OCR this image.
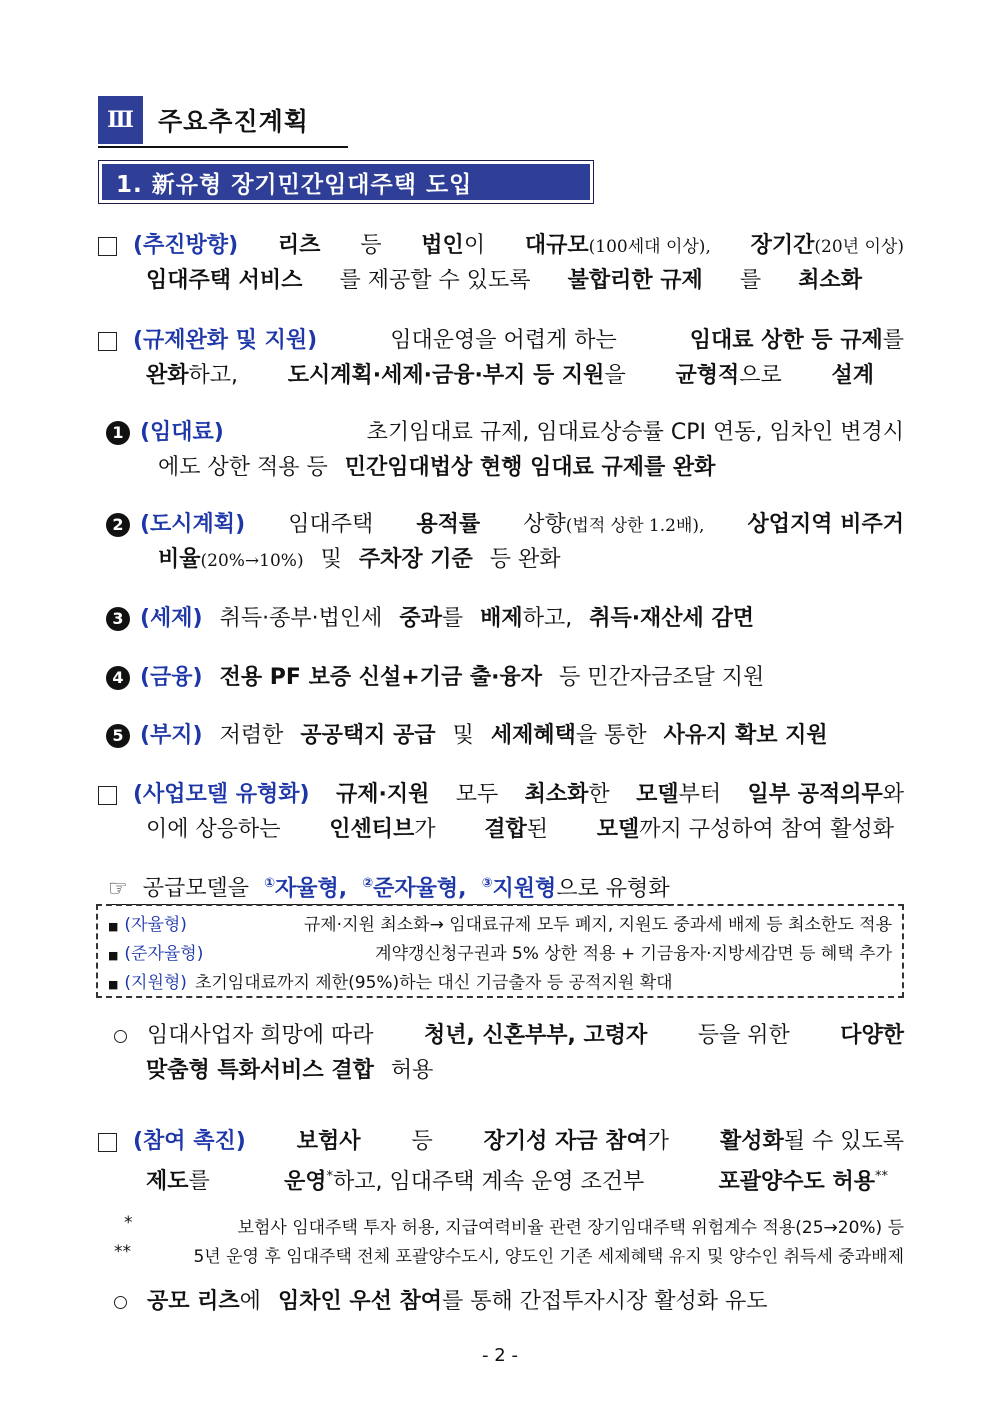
Ⅲ 주요추진계획
1. 新유형 장기민간임대주택 도입
(추진방향) 리츠 등 법인이 대규모(100세대 이상), 장기간(20년 이상)
임대주택 서비스 를 제공할 수 있도록 불합리한 규제 를 최소화
(규제완화 및 지원)	임대운영을 어렵게 하는	임대료 상한 등 규제를
완화하고, 도시계획·세제·금융·부지 등 지원을 균형적으로 설계
1 (임대료)	초기임대료 규제, 임대료상승률 CPI 연동, 임차인 변경시
에도 상한 적용 등 민간임대법상 현행 임대료 규제를 완화
2 (도시계획) 임대주택 용적률 상향(법적 상한 1.2배), 상업지역 비주거
비율(20%→10%) 및 주차장 기준 등 완화
3 (세제) 취득·종부·법인세 중과를 배제하고, 취득·재산세 감면
4 (금융) 전용 PF 보증 신설+기금 출·융자 등 민간자금조달 지원
5 (부지) 저렴한 공공택지 공급 및 세제혜택을 통한 사유지 확보 지원
(사업모델 유형화) 규제·지원 모두 최소화한 모델부터 일부 공적의무와
이에 상응하는 인센티브가 결합된 모델까지 구성하여 참여 활성화
☞ 공급모델을 ①자율형, ②준자율형, ③지원형으로 유형화
■ (자율형)	규제·지원 최소화→ 임대료규제 모두 폐지, 지원도 중과세 배제 등 최소한도 적용
■ (준자율형)	계약갱신청구권과 5% 상한 적용 + 기금융자·지방세감면 등 혜택 추가
■ (지원형) 초기임대료까지 제한(95%)하는 대신 기금출자 등 공적지원 확대
임대사업자 희망에 따라 청년, 신혼부부, 고령자 등을 위한 다양한
맞춤형 특화서비스 결합 허용
(참여 촉진) 보험사 등 장기성 자금 참여가 활성화될 수 있도록
제도를	운영*하고, 임대주택 계속 운영 조건부	포괄양수도 허용**
*	보험사 임대주택 투자 허용, 지급여력비율 관련 장기임대주택 위험계수 적용(25→20%) 등
**	5년 운영 후 임대주택 전체 포괄양수도시, 양도인 기존 세제혜택 유지 및 양수인 취득세 중과배제
공모 리츠에 임차인 우선 참여를 통해 간접투자시장 활성화 유도
- 2 -
